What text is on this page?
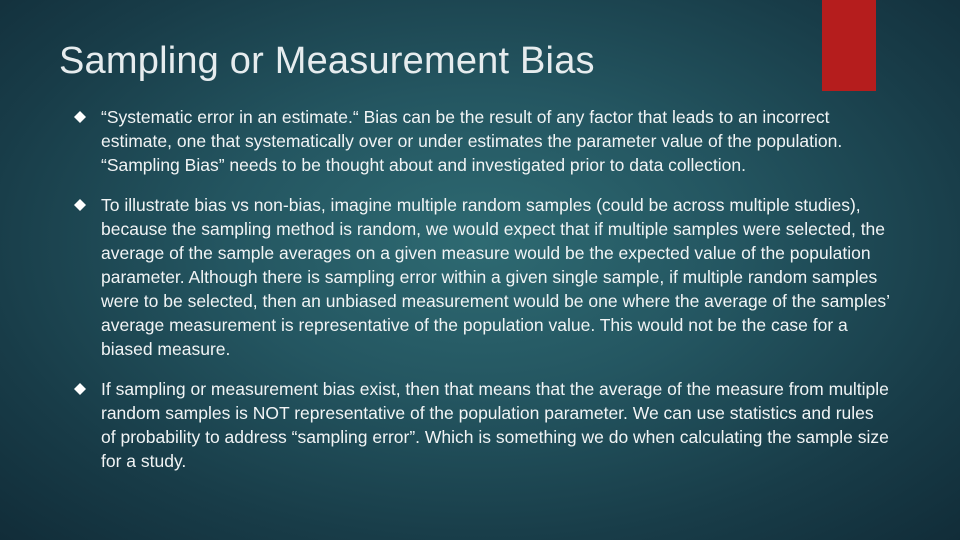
Sampling or Measurement Bias
“Systematic error in an estimate.“ Bias can be the result of any factor that leads to an incorrect estimate, one that systematically over or under estimates the parameter value of the population. “Sampling Bias” needs to be thought about and investigated prior to data collection.
To illustrate bias vs non-bias, imagine multiple random samples (could be across multiple studies), because the sampling method is random, we would expect that if multiple samples were selected, the average of the sample averages on a given measure would be the expected value of the population parameter. Although there is sampling error within a given single sample, if multiple random samples were to be selected, then an unbiased measurement would be one where the average of the samples’ average measurement is representative of the population value. This would not be the case for a biased measure.
If sampling or measurement bias exist, then that means that the average of the measure from multiple random samples is NOT representative of the population parameter. We can use statistics and rules of probability to address “sampling error”. Which is something we do when calculating the sample size for a study.
